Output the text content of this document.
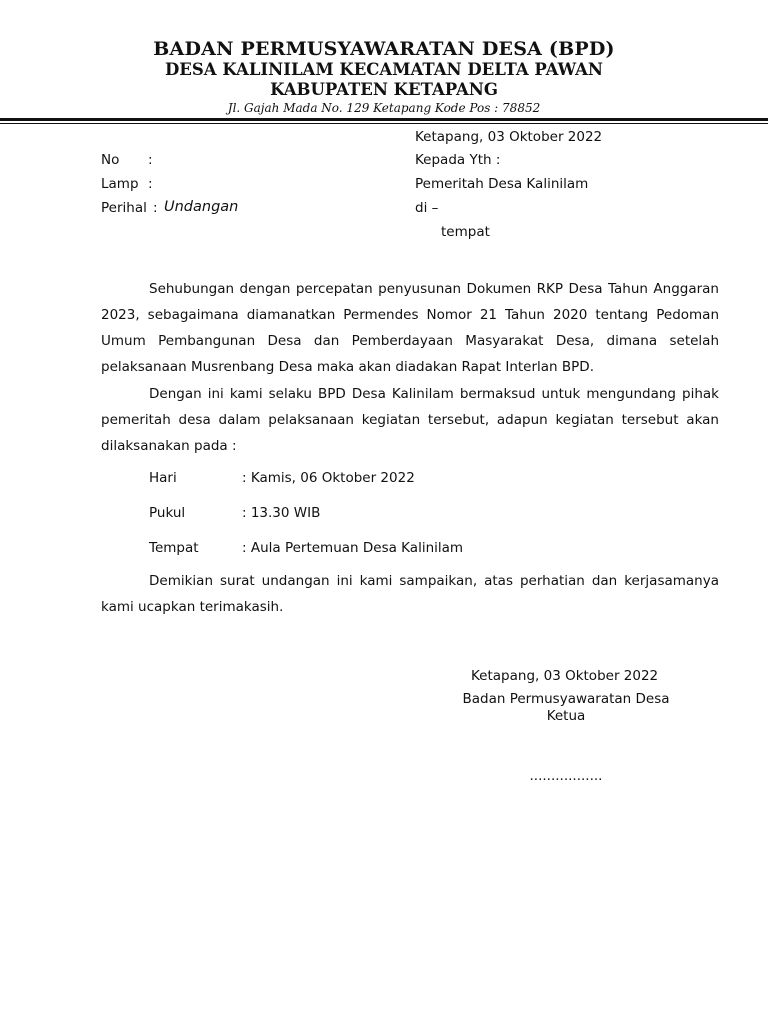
BADAN PERMUSYAWARATAN DESA (BPD)
DESA KALINILAM KECAMATAN DELTA PAWAN
KABUPATEN KETAPANG
Jl. Gajah Mada No. 129 Ketapang Kode Pos : 78852
Ketapang, 03 Oktober 2022
No :
Lamp :
Perihal : Undangan
Kepada Yth :
Pemeritah Desa Kalinilam
di –
tempat
Sehubungan dengan percepatan penyusunan Dokumen RKP Desa Tahun Anggaran 2023, sebagaimana diamanatkan Permendes Nomor 21 Tahun 2020 tentang Pedoman Umum Pembangunan Desa dan Pemberdayaan Masyarakat Desa, dimana setelah pelaksanaan Musrenbang Desa maka akan diadakan Rapat Interlan BPD.
Dengan ini kami selaku BPD Desa Kalinilam bermaksud untuk mengundang pihak pemeritah desa dalam pelaksanaan kegiatan tersebut, adapun kegiatan tersebut akan dilaksanakan pada :
Hari	: Kamis, 06 Oktober 2022
Pukul	: 13.30 WIB
Tempat	: Aula Pertemuan Desa Kalinilam
Demikian surat undangan ini kami sampaikan, atas perhatian dan kerjasamanya kami ucapkan terimakasih.
Ketapang, 03 Oktober 2022
Badan Permusyawaratan Desa
Ketua
.................
